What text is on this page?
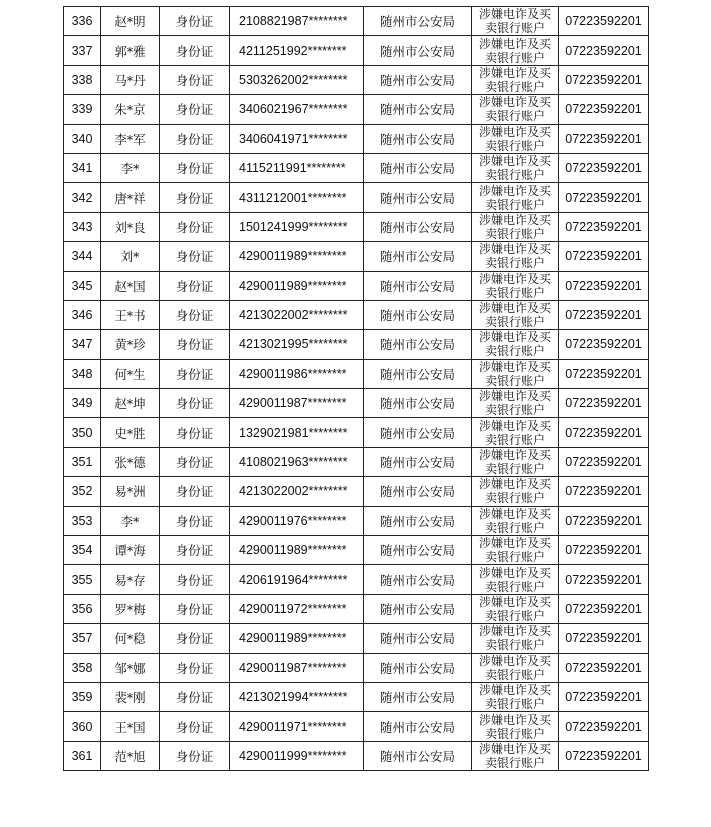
336	赵*明	身份证	2108821987********	随州市公安局	涉嫌电诈及买卖银行账户	07223592201
337	郭*雅	身份证	4211251992********	随州市公安局	涉嫌电诈及买卖银行账户	07223592201
338	马*丹	身份证	5303262002********	随州市公安局	涉嫌电诈及买卖银行账户	07223592201
339	朱*京	身份证	3406021967********	随州市公安局	涉嫌电诈及买卖银行账户	07223592201
340	李*军	身份证	3406041971********	随州市公安局	涉嫌电诈及买卖银行账户	07223592201
341	李*	身份证	4115211991********	随州市公安局	涉嫌电诈及买卖银行账户	07223592201
342	唐*祥	身份证	4311212001********	随州市公安局	涉嫌电诈及买卖银行账户	07223592201
343	刘*良	身份证	1501241999********	随州市公安局	涉嫌电诈及买卖银行账户	07223592201
344	刘*	身份证	4290011989********	随州市公安局	涉嫌电诈及买卖银行账户	07223592201
345	赵*国	身份证	4290011989********	随州市公安局	涉嫌电诈及买卖银行账户	07223592201
346	王*书	身份证	4213022002********	随州市公安局	涉嫌电诈及买卖银行账户	07223592201
347	黄*珍	身份证	4213021995********	随州市公安局	涉嫌电诈及买卖银行账户	07223592201
348	何*生	身份证	4290011986********	随州市公安局	涉嫌电诈及买卖银行账户	07223592201
349	赵*坤	身份证	4290011987********	随州市公安局	涉嫌电诈及买卖银行账户	07223592201
350	史*胜	身份证	1329021981********	随州市公安局	涉嫌电诈及买卖银行账户	07223592201
351	张*德	身份证	4108021963********	随州市公安局	涉嫌电诈及买卖银行账户	07223592201
352	易*洲	身份证	4213022002********	随州市公安局	涉嫌电诈及买卖银行账户	07223592201
353	李*	身份证	4290011976********	随州市公安局	涉嫌电诈及买卖银行账户	07223592201
354	谭*海	身份证	4290011989********	随州市公安局	涉嫌电诈及买卖银行账户	07223592201
355	易*存	身份证	4206191964********	随州市公安局	涉嫌电诈及买卖银行账户	07223592201
356	罗*梅	身份证	4290011972********	随州市公安局	涉嫌电诈及买卖银行账户	07223592201
357	何*稳	身份证	4290011989********	随州市公安局	涉嫌电诈及买卖银行账户	07223592201
358	邹*娜	身份证	4290011987********	随州市公安局	涉嫌电诈及买卖银行账户	07223592201
359	裴*刚	身份证	4213021994********	随州市公安局	涉嫌电诈及买卖银行账户	07223592201
360	王*国	身份证	4290011971********	随州市公安局	涉嫌电诈及买卖银行账户	07223592201
361	范*旭	身份证	4290011999********	随州市公安局	涉嫌电诈及买卖银行账户	07223592201
